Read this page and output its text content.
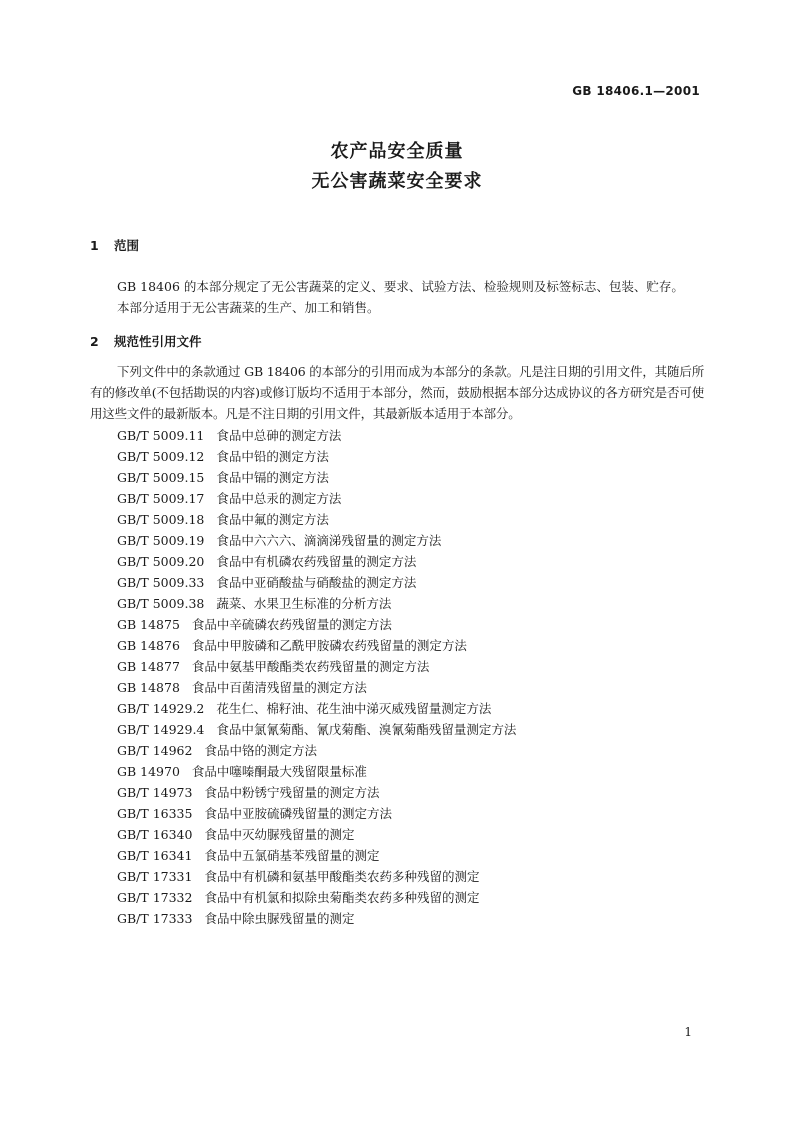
GB 18406.1—2001
农产品安全质量
无公害蔬菜安全要求
1 范围
GB 18406 的本部分规定了无公害蔬菜的定义、要求、试验方法、检验规则及标签标志、包装、贮存。
本部分适用于无公害蔬菜的生产、加工和销售。
2 规范性引用文件
下列文件中的条款通过 GB 18406 的本部分的引用而成为本部分的条款。凡是注日期的引用文件，其随后所有的修改单(不包括勘误的内容)或修订版均不适用于本部分，然而，鼓励根据本部分达成协议的各方研究是否可使用这些文件的最新版本。凡是不注日期的引用文件，其最新版本适用于本部分。
GB/T 5009.11 食品中总砷的测定方法
GB/T 5009.12 食品中铅的测定方法
GB/T 5009.15 食品中镉的测定方法
GB/T 5009.17 食品中总汞的测定方法
GB/T 5009.18 食品中氟的测定方法
GB/T 5009.19 食品中六六六、滴滴涕残留量的测定方法
GB/T 5009.20 食品中有机磷农药残留量的测定方法
GB/T 5009.33 食品中亚硝酸盐与硝酸盐的测定方法
GB/T 5009.38 蔬菜、水果卫生标准的分析方法
GB 14875 食品中辛硫磷农药残留量的测定方法
GB 14876 食品中甲胺磷和乙酰甲胺磷农药残留量的测定方法
GB 14877 食品中氨基甲酸酯类农药残留量的测定方法
GB 14878 食品中百菌清残留量的测定方法
GB/T 14929.2 花生仁、棉籽油、花生油中涕灭威残留量测定方法
GB/T 14929.4 食品中氯氰菊酯、氰戊菊酯、溴氰菊酯残留量测定方法
GB/T 14962 食品中铬的测定方法
GB 14970 食品中噻嗪酮最大残留限量标准
GB/T 14973 食品中粉锈宁残留量的测定方法
GB/T 16335 食品中亚胺硫磷残留量的测定方法
GB/T 16340 食品中灭幼脲残留量的测定
GB/T 16341 食品中五氯硝基苯残留量的测定
GB/T 17331 食品中有机磷和氨基甲酸酯类农药多种残留的测定
GB/T 17332 食品中有机氯和拟除虫菊酯类农药多种残留的测定
GB/T 17333 食品中除虫脲残留量的测定
1
